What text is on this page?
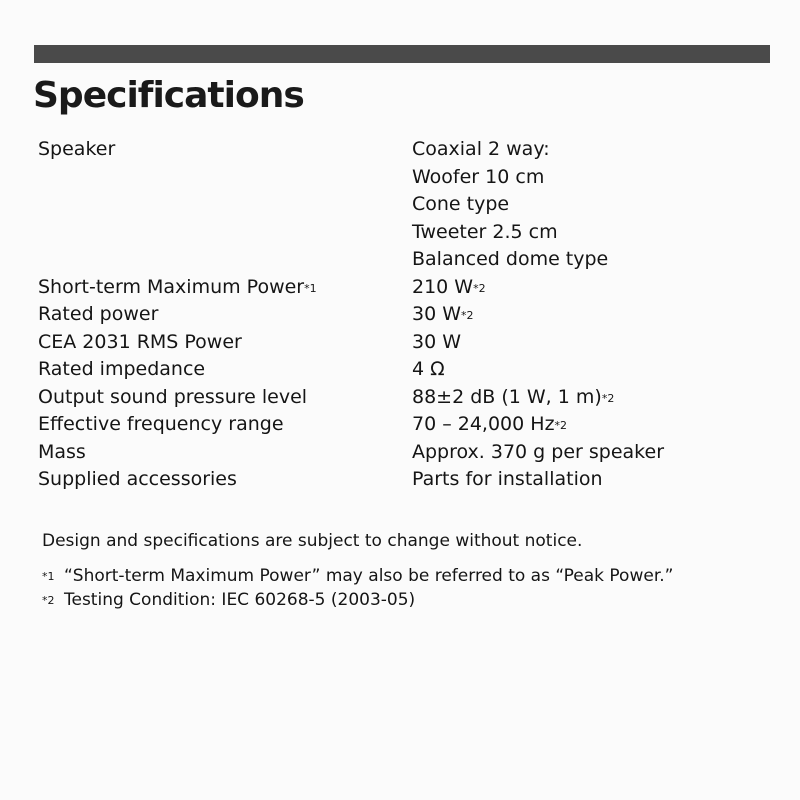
Specifications
Speaker	Coaxial 2 way:
Woofer 10 cm
Cone type
Tweeter 2.5 cm
Balanced dome type
Short-term Maximum Power$^{*1}$	210 W$^{*2}$
Rated power	30 W$^{*2}$
CEA 2031 RMS Power	30 W
Rated impedance	4 Ω
Output sound pressure level	88±2 dB (1 W, 1 m)$^{*2}$
Effective frequency range	70 – 24,000 Hz$^{*2}$
Mass	Approx. 370 g per speaker
Supplied accessories	Parts for installation

Design and specifications are subject to change without notice.

*1 “Short-term Maximum Power” may also be referred to as “Peak Power.”
*2 Testing Condition: IEC 60268-5 (2003-05)
